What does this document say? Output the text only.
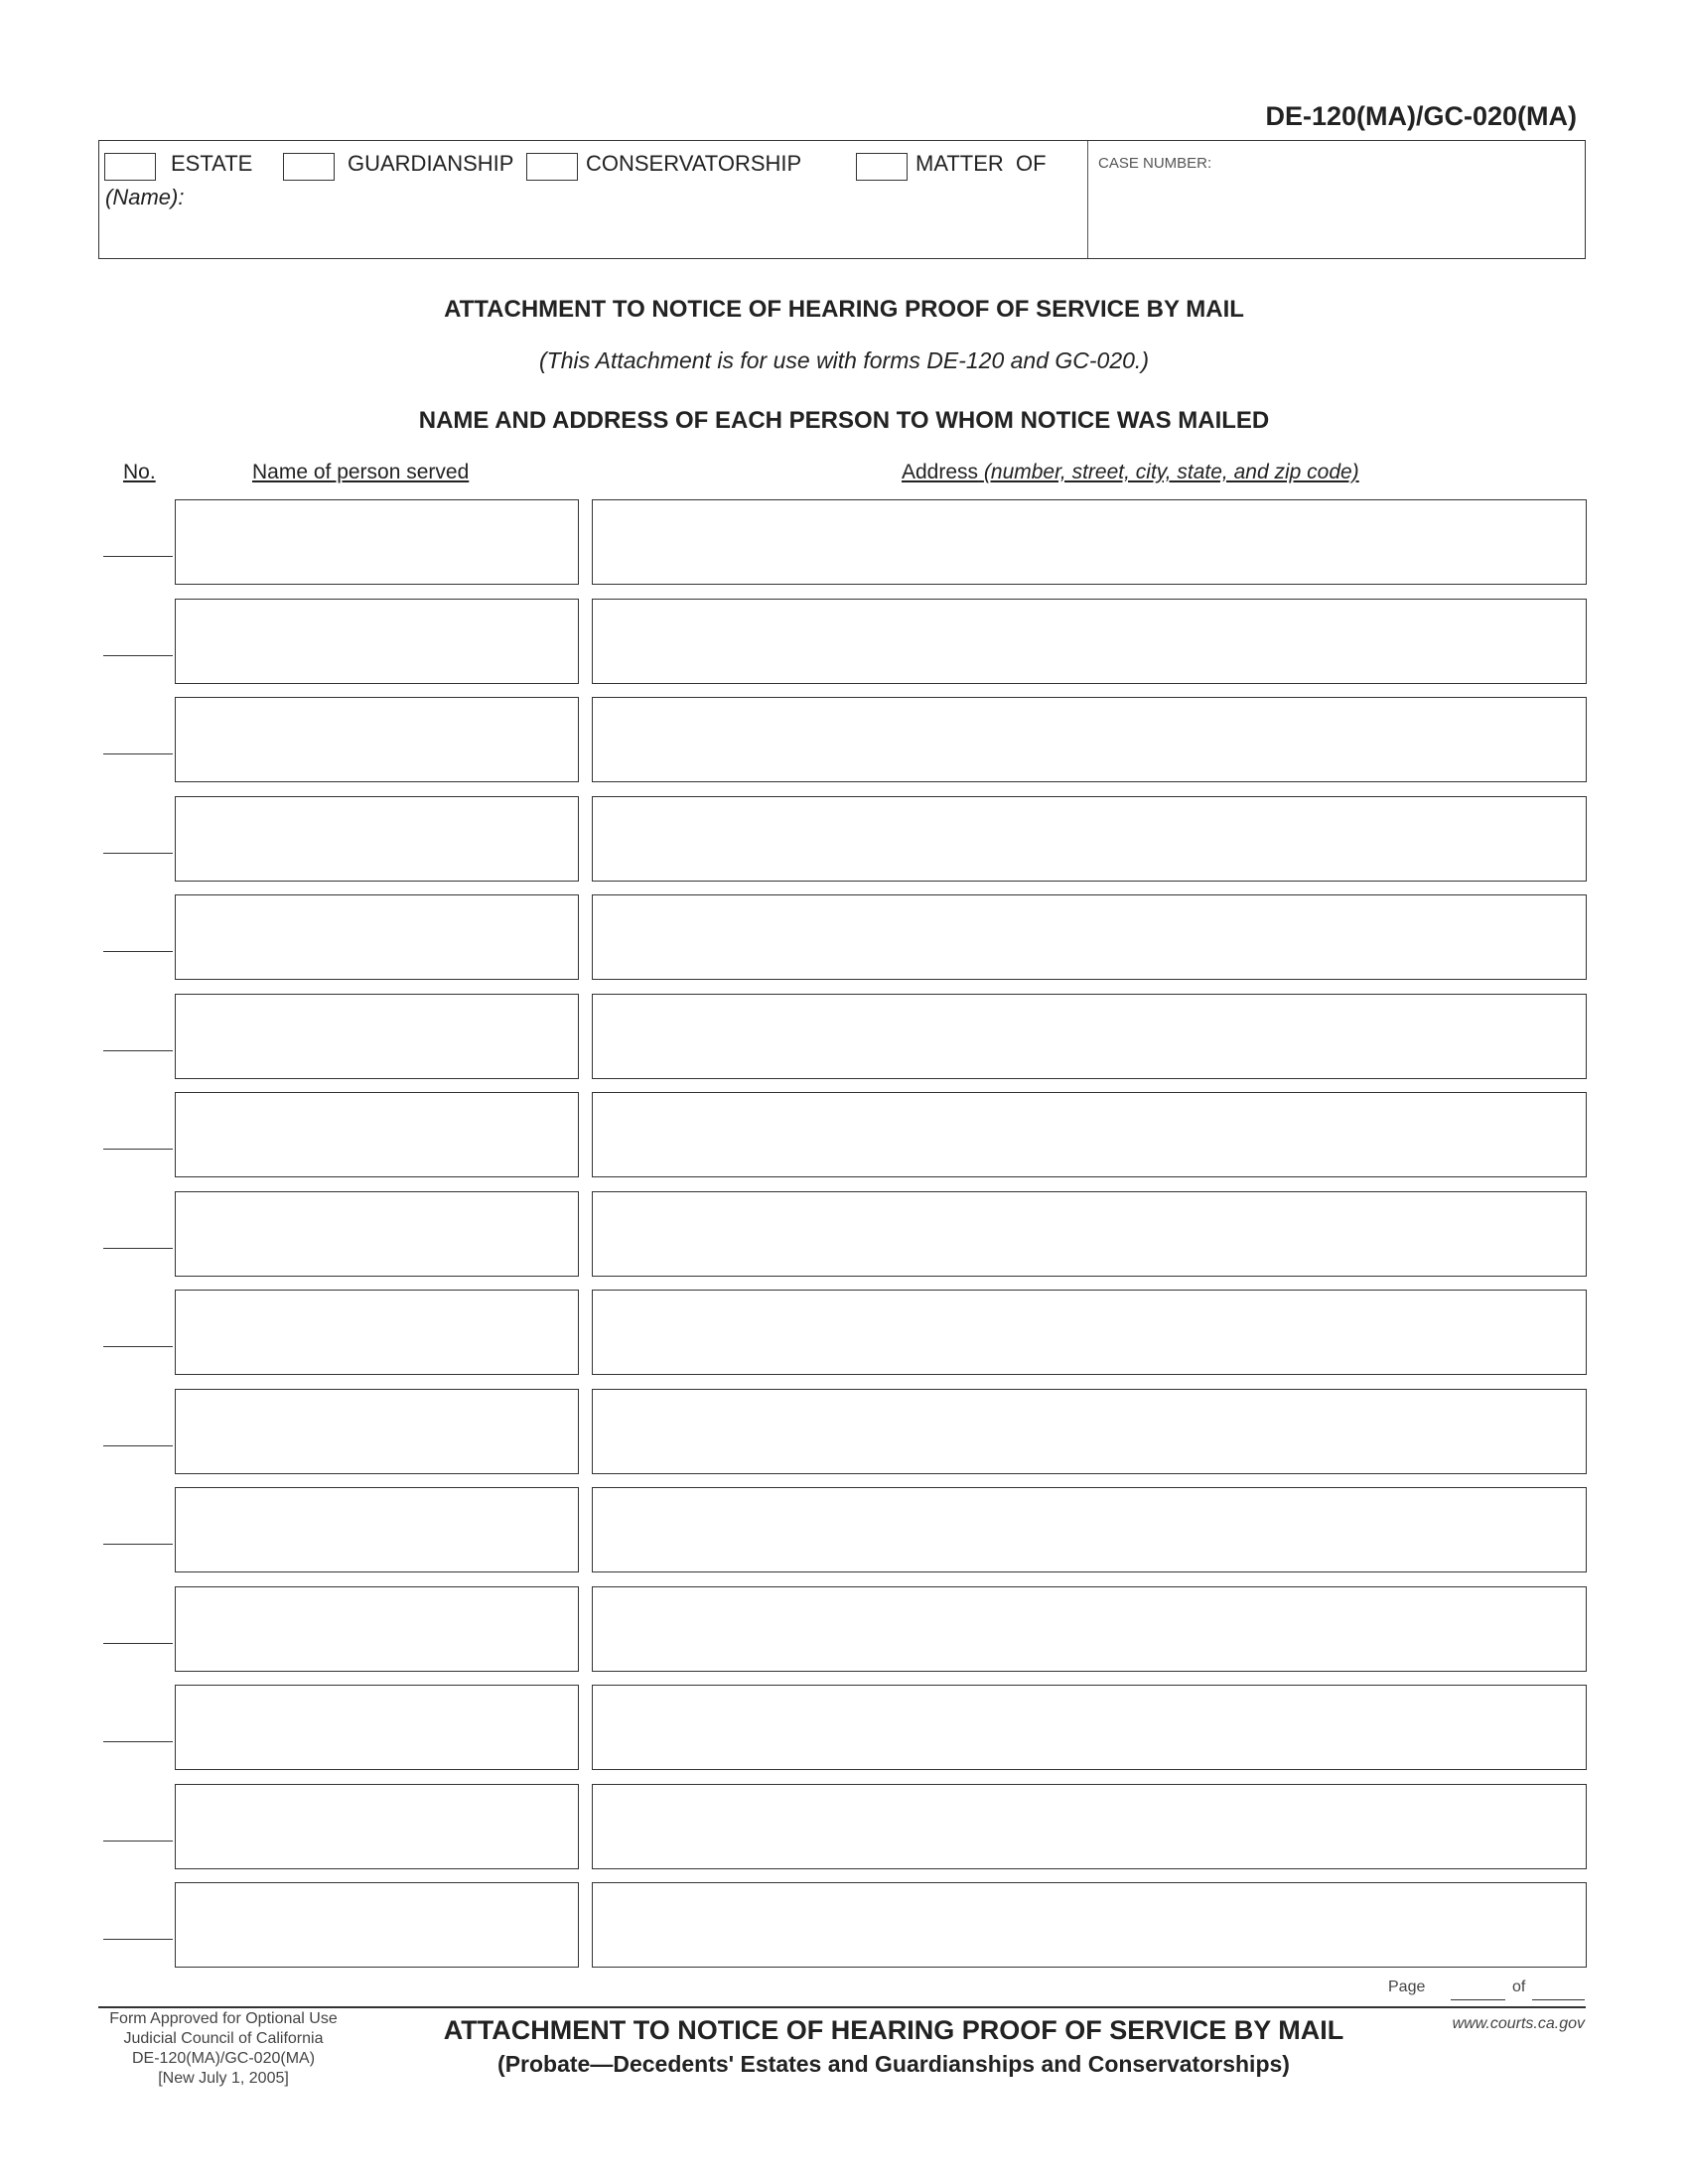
DE-120(MA)/GC-020(MA)
ESTATE	GUARDIANSHIP	CONSERVATORSHIP	MATTER  OF
(Name):
CASE NUMBER:
ATTACHMENT TO NOTICE OF HEARING PROOF OF SERVICE BY MAIL
(This Attachment is for use with forms DE-120 and GC-020.)
NAME AND ADDRESS OF EACH PERSON TO WHOM NOTICE WAS MAILED
No.	Name of person served	Address (number, street, city, state, and zip code)
Page	of
Form Approved for Optional Use
Judicial Council of California
DE-120(MA)/GC-020(MA)
[New July 1, 2005]
ATTACHMENT TO NOTICE OF HEARING PROOF OF SERVICE BY MAIL
(Probate—Decedents' Estates and Guardianships and Conservatorships)
www.courts.ca.gov
